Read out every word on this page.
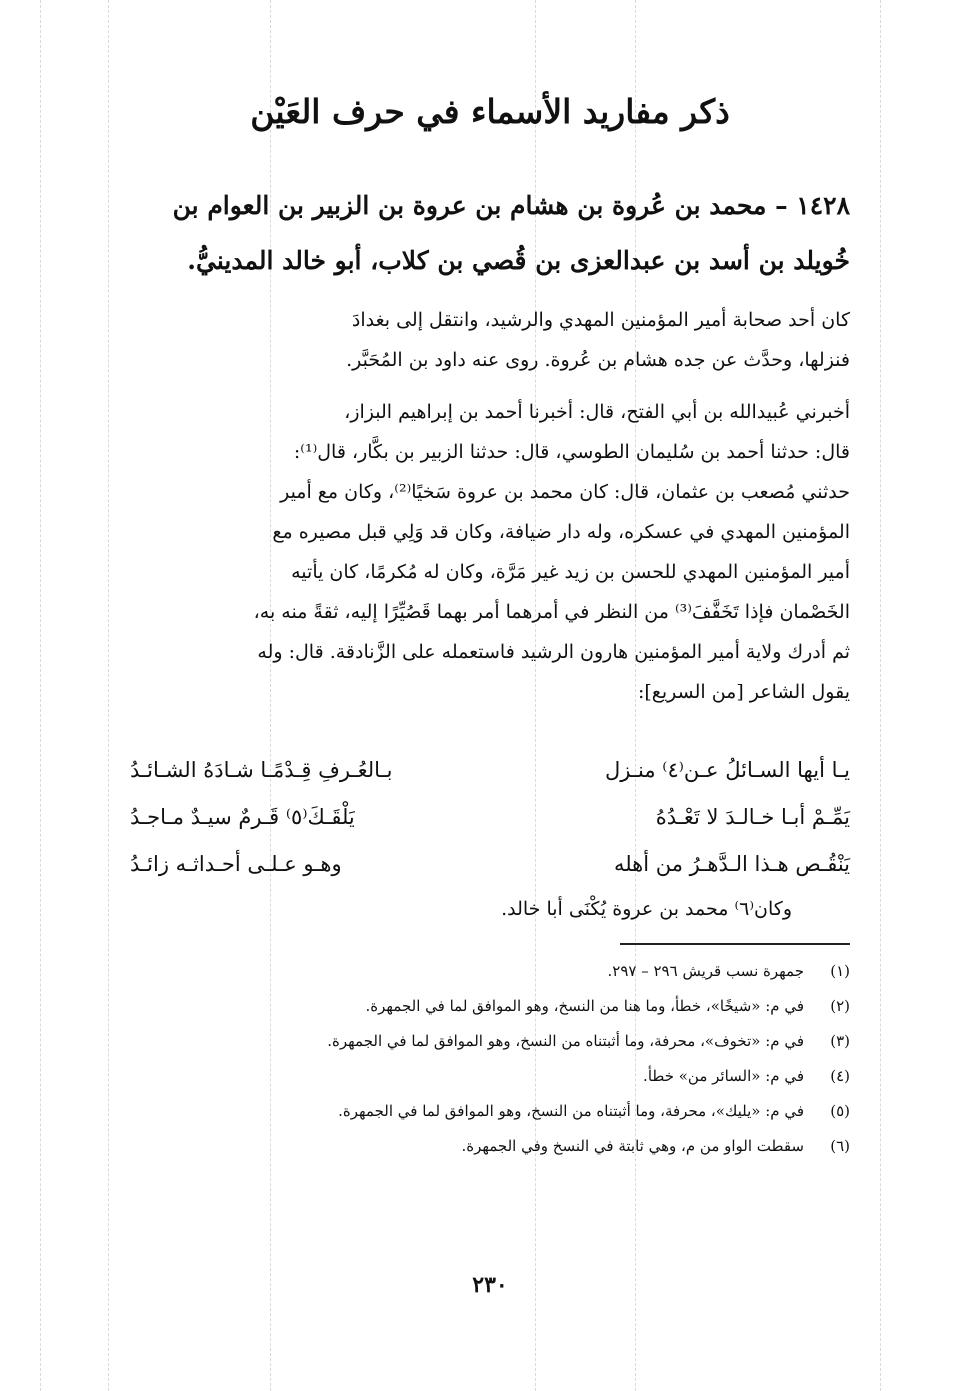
ذكر مفاريد الأسماء في حرف العَيْن
١٤٢٨ – محمد بن عُروة بن هشام بن عروة بن الزبير بن العوام بن
خُويلد بن أسد بن عبدالعزى بن قُصي بن كلاب، أبو خالد المدينيُّ.
كان أحد صحابة أمير المؤمنين المهدي والرشيد، وانتقل إلى بغدادَ
فنزلها، وحدَّث عن جده هشام بن عُروة. روى عنه داود بن المُحَبَّر.
أخبرني عُبيدالله بن أبي الفتح، قال: أخبرنا أحمد بن إبراهيم البزاز،
قال: حدثنا أحمد بن سُليمان الطوسي، قال: حدثنا الزبير بن بكَّار، قال⁽¹⁾:
حدثني مُصعب بن عثمان، قال: كان محمد بن عروة سَخيًا⁽²⁾، وكان مع أمير
المؤمنين المهدي في عسكره، وله دار ضيافة، وكان قد وَلِي قبل مصيره مع
أمير المؤمنين المهدي للحسن بن زيد غير مَرَّة، وكان له مُكرمًا، كان يأتيه
الخَصْمان فإذا تَخَفَّفَ⁽³⁾ من النظر في أمرهما أمر بهما قَصُيِّرًا إليه، ثقةً منه به،
ثم أدرك ولاية أمير المؤمنين هارون الرشيد فاستعمله على الزَّنادقة. قال: وله
يقول الشاعر [من السريع]:
يـا أيها السـائلُ عـن⁽٤⁾ منـزل
بـالعُـرفِ قِـدْمًـا شـادَهُ الشـائـدُ
يَمِّـمْ أبـا خـالـدَ لا تَعْـدُهُ
يَلْقَـكَ⁽٥⁾ قَـرمٌ سيـدٌ مـاجـدُ
يَنْقُـص هـذا الـدَّهـرُ من أهله
وهـو عـلـى أحـداثـه زائـدُ
وكان⁽٦⁾ محمد بن عروة يُكْنَى أبا خالد.
(١)
جمهرة نسب قريش ٢٩٦ – ٢٩٧.
(٢)
في م: «شيخًا»، خطأ، وما هنا من النسخ، وهو الموافق لما في الجمهرة.
(٣)
في م: «تخوف»، محرفة، وما أثبتناه من النسخ، وهو الموافق لما في الجمهرة.
(٤)
في م: «السائر من» خطأ.
(٥)
في م: «يليك»، محرفة، وما أثبتناه من النسخ، وهو الموافق لما في الجمهرة.
(٦)
سقطت الواو من م، وهي ثابتة في النسخ وفي الجمهرة.
٢٣٠
